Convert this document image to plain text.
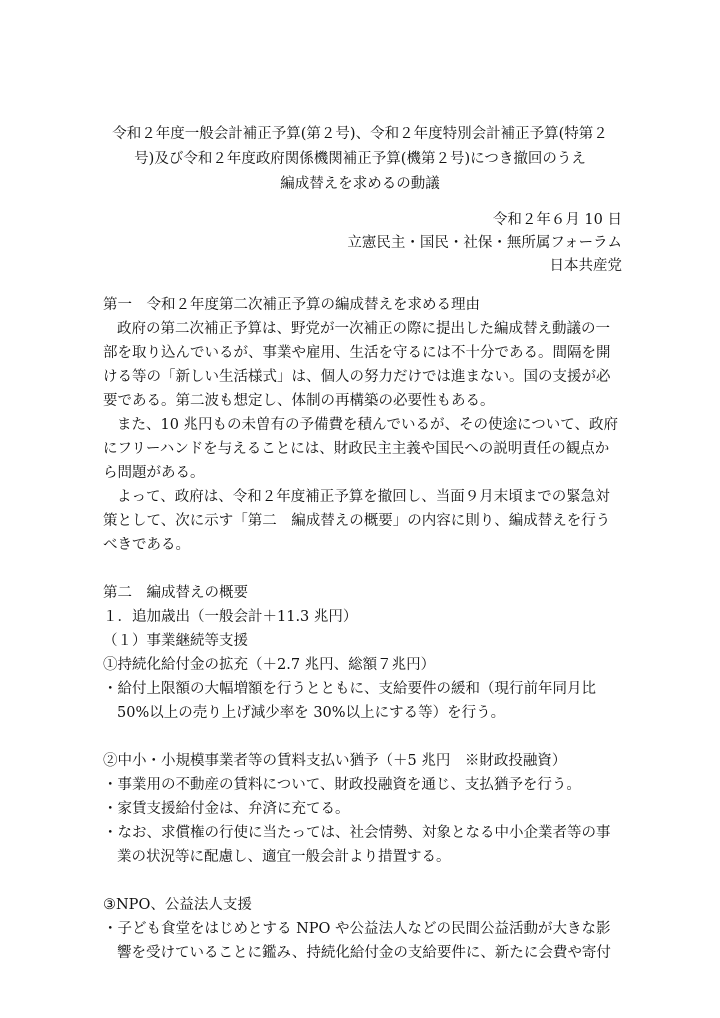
令和２年度一般会計補正予算(第２号)、令和２年度特別会計補正予算(特第２
号)及び令和２年度政府関係機関補正予算(機第２号)につき撤回のうえ
編成替えを求めるの動議
令和２年６月 10 日
立憲民主・国民・社保・無所属フォーラム
日本共産党
第一　令和２年度第二次補正予算の編成替えを求める理由
政府の第二次補正予算は、野党が一次補正の際に提出した編成替え動議の一
部を取り込んでいるが、事業や雇用、生活を守るには不十分である。間隔を開
ける等の「新しい生活様式」は、個人の努力だけでは進まない。国の支援が必
要である。第二波も想定し、体制の再構築の必要性もある。
また、10 兆円もの未曽有の予備費を積んでいるが、その使途について、政府
にフリーハンドを与えることには、財政民主主義や国民への説明責任の観点か
ら問題がある。
よって、政府は、令和２年度補正予算を撤回し、当面９月末頃までの緊急対
策として、次に示す「第二　編成替えの概要」の内容に則り、編成替えを行う
べきである。
第二　編成替えの概要
１．追加歳出（一般会計＋11.3 兆円）
（１）事業継続等支援
①持続化給付金の拡充（＋2.7 兆円、総額７兆円）
・給付上限額の大幅増額を行うとともに、支給要件の緩和（現行前年同月比
50%以上の売り上げ減少率を 30%以上にする等）を行う。
②中小・小規模事業者等の賃料支払い猶予（＋5 兆円　※財政投融資）
・事業用の不動産の賃料について、財政投融資を通じ、支払猶予を行う。
・家賃支援給付金は、弁済に充てる。
・なお、求償権の行使に当たっては、社会情勢、対象となる中小企業者等の事
業の状況等に配慮し、適宜一般会計より措置する。
③NPO、公益法人支援
・子ども食堂をはじめとする NPO や公益法人などの民間公益活動が大きな影
響を受けていることに鑑み、持続化給付金の支給要件に、新たに会費や寄付
